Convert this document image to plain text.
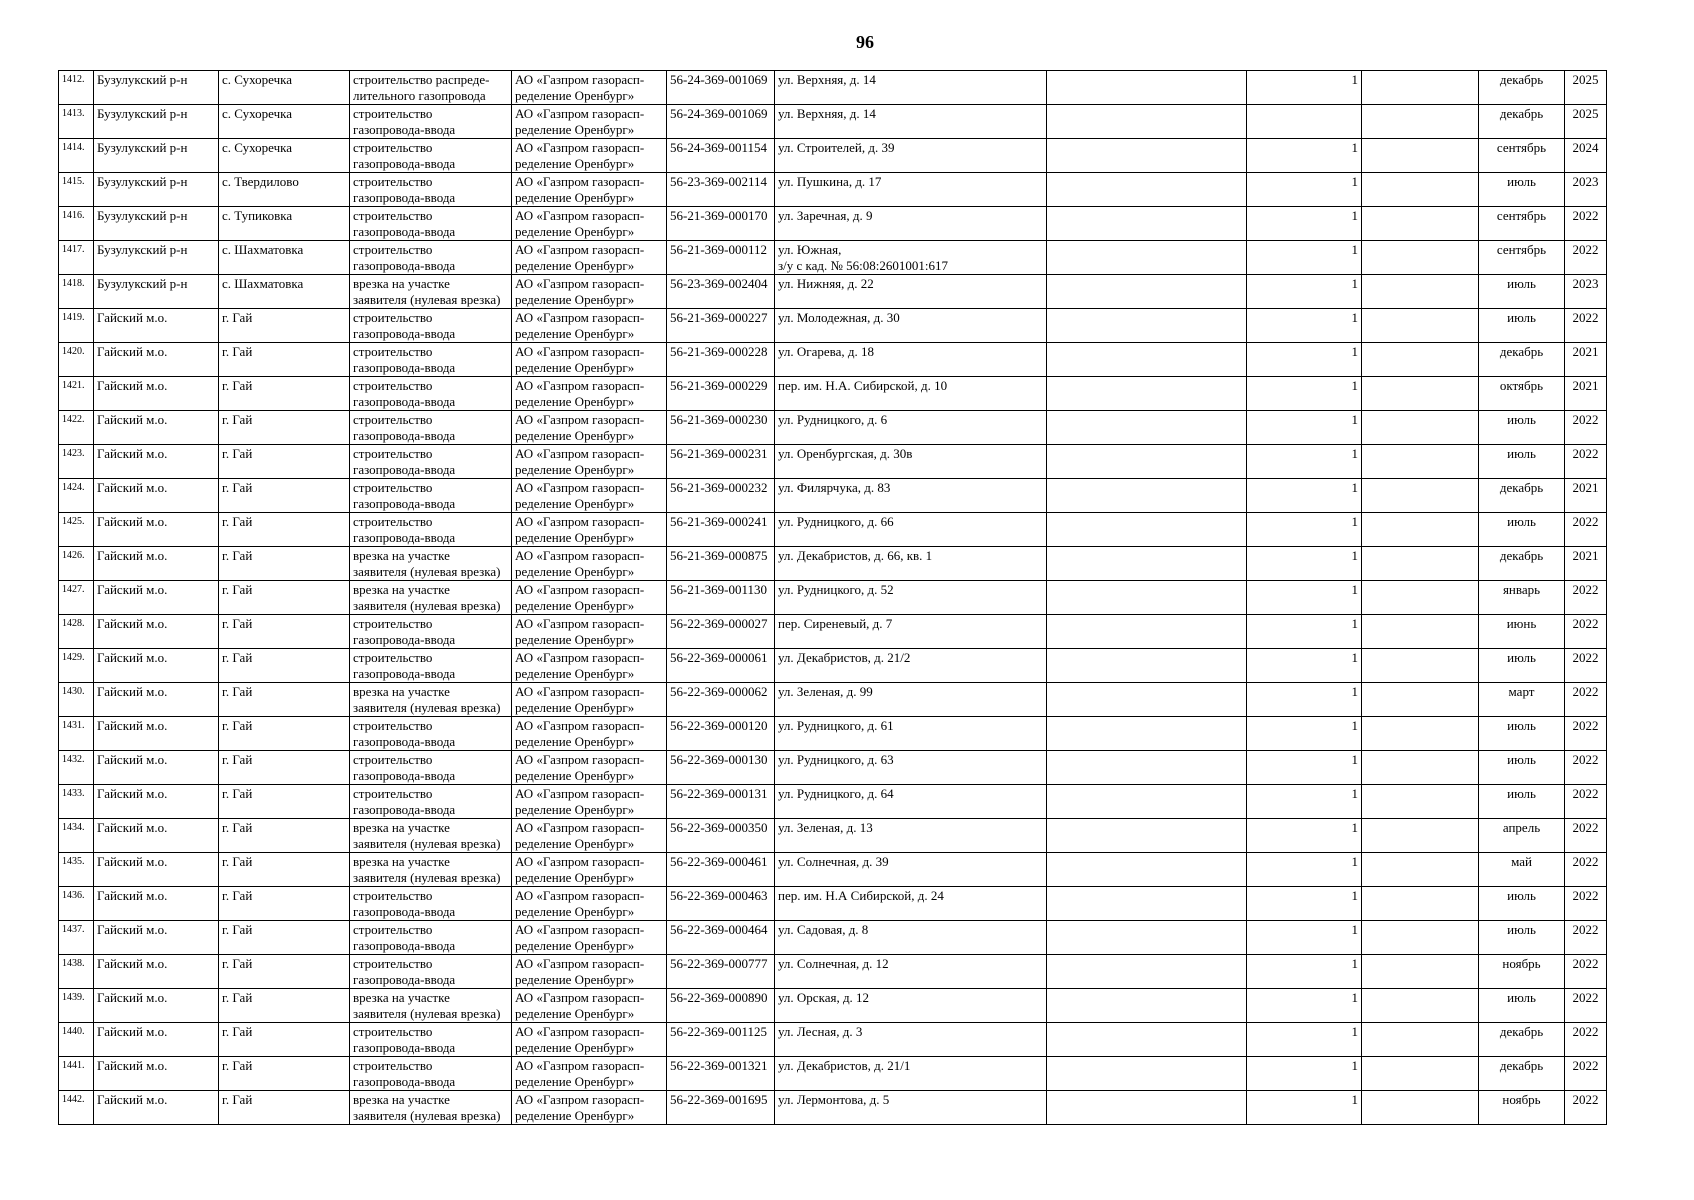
96
1412.	Бузулукский р-н	с. Сухоречка	строительство распреде-
лительного газопровода	АО «Газпром газорасп-
ределение Оренбург»	56-24-369-001069	ул. Верхняя, д. 14		1		декабрь	2025
1413.	Бузулукский р-н	с. Сухоречка	строительство
газопровода-ввода	АО «Газпром газорасп-
ределение Оренбург»	56-24-369-001069	ул. Верхняя, д. 14				декабрь	2025
1414.	Бузулукский р-н	с. Сухоречка	строительство
газопровода-ввода	АО «Газпром газорасп-
ределение Оренбург»	56-24-369-001154	ул. Строителей, д. 39		1		сентябрь	2024
1415.	Бузулукский р-н	с. Твердилово	строительство
газопровода-ввода	АО «Газпром газорасп-
ределение Оренбург»	56-23-369-002114	ул. Пушкина, д. 17		1		июль	2023
1416.	Бузулукский р-н	с. Тупиковка	строительство
газопровода-ввода	АО «Газпром газорасп-
ределение Оренбург»	56-21-369-000170	ул. Заречная, д. 9		1		сентябрь	2022
1417.	Бузулукский р-н	с. Шахматовка	строительство
газопровода-ввода	АО «Газпром газорасп-
ределение Оренбург»	56-21-369-000112	ул. Южная,
з/у с кад. № 56:08:2601001:617		1		сентябрь	2022
1418.	Бузулукский р-н	с. Шахматовка	врезка на участке
заявителя (нулевая врезка)	АО «Газпром газорасп-
ределение Оренбург»	56-23-369-002404	ул. Нижняя, д. 22		1		июль	2023
1419.	Гайский м.о.	г. Гай	строительство
газопровода-ввода	АО «Газпром газорасп-
ределение Оренбург»	56-21-369-000227	ул. Молодежная, д. 30		1		июль	2022
1420.	Гайский м.о.	г. Гай	строительство
газопровода-ввода	АО «Газпром газорасп-
ределение Оренбург»	56-21-369-000228	ул. Огарева, д. 18		1		декабрь	2021
1421.	Гайский м.о.	г. Гай	строительство
газопровода-ввода	АО «Газпром газорасп-
ределение Оренбург»	56-21-369-000229	пер. им. Н.А. Сибирской, д. 10		1		октябрь	2021
1422.	Гайский м.о.	г. Гай	строительство
газопровода-ввода	АО «Газпром газорасп-
ределение Оренбург»	56-21-369-000230	ул. Рудницкого, д. 6		1		июль	2022
1423.	Гайский м.о.	г. Гай	строительство
газопровода-ввода	АО «Газпром газорасп-
ределение Оренбург»	56-21-369-000231	ул. Оренбургская, д. 30в		1		июль	2022
1424.	Гайский м.о.	г. Гай	строительство
газопровода-ввода	АО «Газпром газорасп-
ределение Оренбург»	56-21-369-000232	ул. Филярчука, д. 83		1		декабрь	2021
1425.	Гайский м.о.	г. Гай	строительство
газопровода-ввода	АО «Газпром газорасп-
ределение Оренбург»	56-21-369-000241	ул. Рудницкого, д. 66		1		июль	2022
1426.	Гайский м.о.	г. Гай	врезка на участке
заявителя (нулевая врезка)	АО «Газпром газорасп-
ределение Оренбург»	56-21-369-000875	ул. Декабристов, д. 66, кв. 1		1		декабрь	2021
1427.	Гайский м.о.	г. Гай	врезка на участке
заявителя (нулевая врезка)	АО «Газпром газорасп-
ределение Оренбург»	56-21-369-001130	ул. Рудницкого, д. 52		1		январь	2022
1428.	Гайский м.о.	г. Гай	строительство
газопровода-ввода	АО «Газпром газорасп-
ределение Оренбург»	56-22-369-000027	пер. Сиреневый, д. 7		1		июнь	2022
1429.	Гайский м.о.	г. Гай	строительство
газопровода-ввода	АО «Газпром газорасп-
ределение Оренбург»	56-22-369-000061	ул. Декабристов, д. 21/2		1		июль	2022
1430.	Гайский м.о.	г. Гай	врезка на участке
заявителя (нулевая врезка)	АО «Газпром газорасп-
ределение Оренбург»	56-22-369-000062	ул. Зеленая, д. 99		1		март	2022
1431.	Гайский м.о.	г. Гай	строительство
газопровода-ввода	АО «Газпром газорасп-
ределение Оренбург»	56-22-369-000120	ул. Рудницкого, д. 61		1		июль	2022
1432.	Гайский м.о.	г. Гай	строительство
газопровода-ввода	АО «Газпром газорасп-
ределение Оренбург»	56-22-369-000130	ул. Рудницкого, д. 63		1		июль	2022
1433.	Гайский м.о.	г. Гай	строительство
газопровода-ввода	АО «Газпром газорасп-
ределение Оренбург»	56-22-369-000131	ул. Рудницкого, д. 64		1		июль	2022
1434.	Гайский м.о.	г. Гай	врезка на участке
заявителя (нулевая врезка)	АО «Газпром газорасп-
ределение Оренбург»	56-22-369-000350	ул. Зеленая, д. 13		1		апрель	2022
1435.	Гайский м.о.	г. Гай	врезка на участке
заявителя (нулевая врезка)	АО «Газпром газорасп-
ределение Оренбург»	56-22-369-000461	ул. Солнечная, д. 39		1		май	2022
1436.	Гайский м.о.	г. Гай	строительство
газопровода-ввода	АО «Газпром газорасп-
ределение Оренбург»	56-22-369-000463	пер. им. Н.А Сибирской, д. 24		1		июль	2022
1437.	Гайский м.о.	г. Гай	строительство
газопровода-ввода	АО «Газпром газорасп-
ределение Оренбург»	56-22-369-000464	ул. Садовая, д. 8		1		июль	2022
1438.	Гайский м.о.	г. Гай	строительство
газопровода-ввода	АО «Газпром газорасп-
ределение Оренбург»	56-22-369-000777	ул. Солнечная, д. 12		1		ноябрь	2022
1439.	Гайский м.о.	г. Гай	врезка на участке
заявителя (нулевая врезка)	АО «Газпром газорасп-
ределение Оренбург»	56-22-369-000890	ул. Орская, д. 12		1		июль	2022
1440.	Гайский м.о.	г. Гай	строительство
газопровода-ввода	АО «Газпром газорасп-
ределение Оренбург»	56-22-369-001125	ул. Лесная, д. 3		1		декабрь	2022
1441.	Гайский м.о.	г. Гай	строительство
газопровода-ввода	АО «Газпром газорасп-
ределение Оренбург»	56-22-369-001321	ул. Декабристов, д. 21/1		1		декабрь	2022
1442.	Гайский м.о.	г. Гай	врезка на участке
заявителя (нулевая врезка)	АО «Газпром газорасп-
ределение Оренбург»	56-22-369-001695	ул. Лермонтова, д. 5		1		ноябрь	2022
